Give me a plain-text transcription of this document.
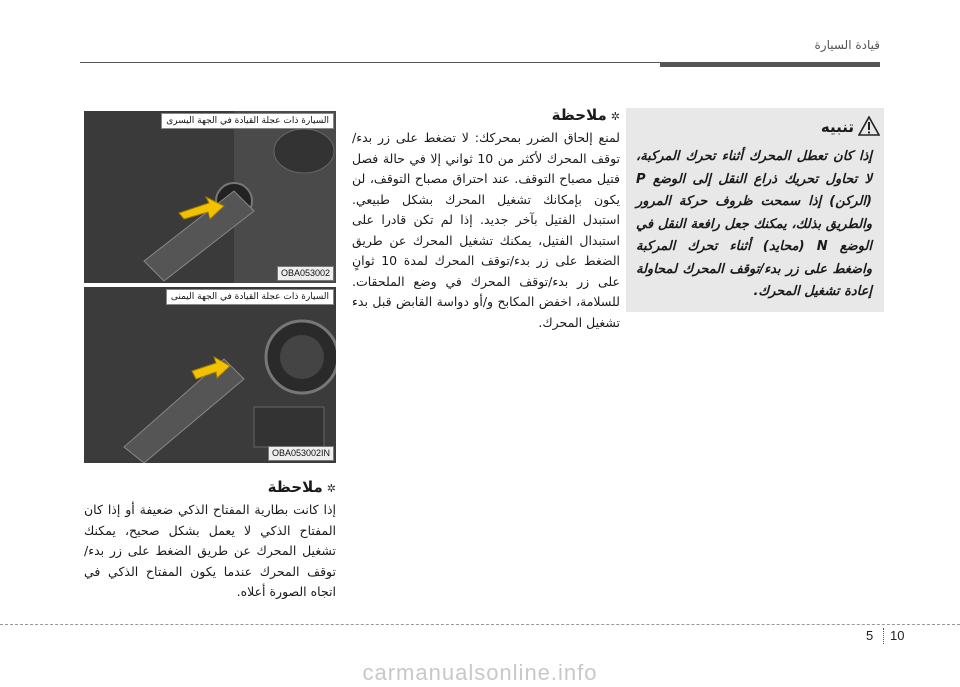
قيادة السيارة
تنبيه
إذا كان تعطل المحرك أثناء تحرك المركبة، لا تحاول تحريك ذراع النقل إلى الوضع P (الركن) إذا سمحت ظروف حركة المرور والطريق بذلك، يمكنك جعل رافعة النقل في الوضع N (محايد) أثناء تحرك المركبة واضغط على زر بدء/توقف المحرك لمحاولة إعادة تشغيل المحرك.
✲ملاحظة
لمنع إلحاق الضرر بمحركك: لا تضغط على زر بدء/توقف المحرك لأكثر من 10 ثواني إلا في حالة فصل فتيل مصباح التوقف. عند احتراق مصباح التوقف، لن يكون بإمكانك تشغيل المحرك بشكل طبيعي. استبدل الفتيل بآخر جديد. إذا لم تكن قادرا على استبدال الفتيل، يمكنك تشغيل المحرك عن طريق الضغط على زر بدء/توقف المحرك لمدة 10 ثوانٍ على زر بدء/توقف المحرك في وضع الملحقات. للسلامة، اخفض المكابح و/أو دواسة القابض قبل بدء تشغيل المحرك.
السيارة ذات عجلة القيادة في الجهة اليسرى
OBA053002
السيارة ذات عجلة القيادة في الجهة اليمنى
OBA053002IN
✲ملاحظة
إذا كانت بطارية المفتاح الذكي ضعيفة أو إذا كان المفتاح الذكي لا يعمل بشكل صحيح، يمكنك تشغيل المحرك عن طريق الضغط على زر بدء/توقف المحرك عندما يكون المفتاح الذكي في اتجاه الصورة أعلاه.
5 10
carmanualsonline.info
